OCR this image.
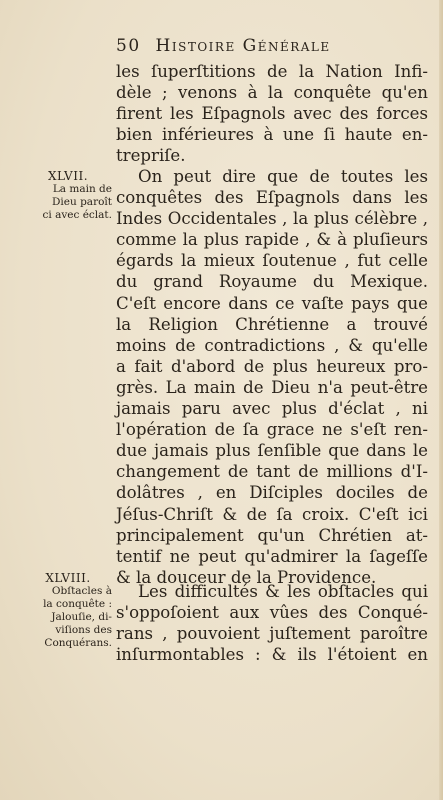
50 Histoire Générale
les ſuperſtitions de la Nation Infi-
dèle ; venons à la conquête qu'en
firent les Eſpagnols avec des forces
bien inférieures à une ſi haute en-
trepriſe.
XLVII.
La main de
Dieu paroît
ci avec éclat.
On peut dire que de toutes les
conquêtes des Eſpagnols dans les
Indes Occidentales , la plus célèbre ,
comme la plus rapide , & à pluſieurs
égards la mieux ſoutenue , fut celle
du grand Royaume du Mexique.
C'eſt encore dans ce vaſte pays que
la Religion Chrétienne a trouvé
moins de contradictions , & qu'elle
a fait d'abord de plus heureux pro-
grès. La main de Dieu n'a peut-être
jamais paru avec plus d'éclat , ni
l'opération de ſa grace ne s'eſt ren-
due jamais plus ſenſible que dans le
changement de tant de millions d'I-
dolâtres , en Diſciples dociles de
Jéſus-Chriſt & de ſa croix. C'eſt ici
principalement qu'un Chrétien at-
tentif ne peut qu'admirer la ſageſſe
& la douceur de la Providence.
XLVIII.
Obſtacles à
la conquête :
Jalouſie, di-
viſions des
Conquérans.
Les difficultés & les obſtacles qui
s'oppoſoient aux vûes des Conqué-
rans , pouvoient juſtement paroître
inſurmontables : & ils l'étoient en
